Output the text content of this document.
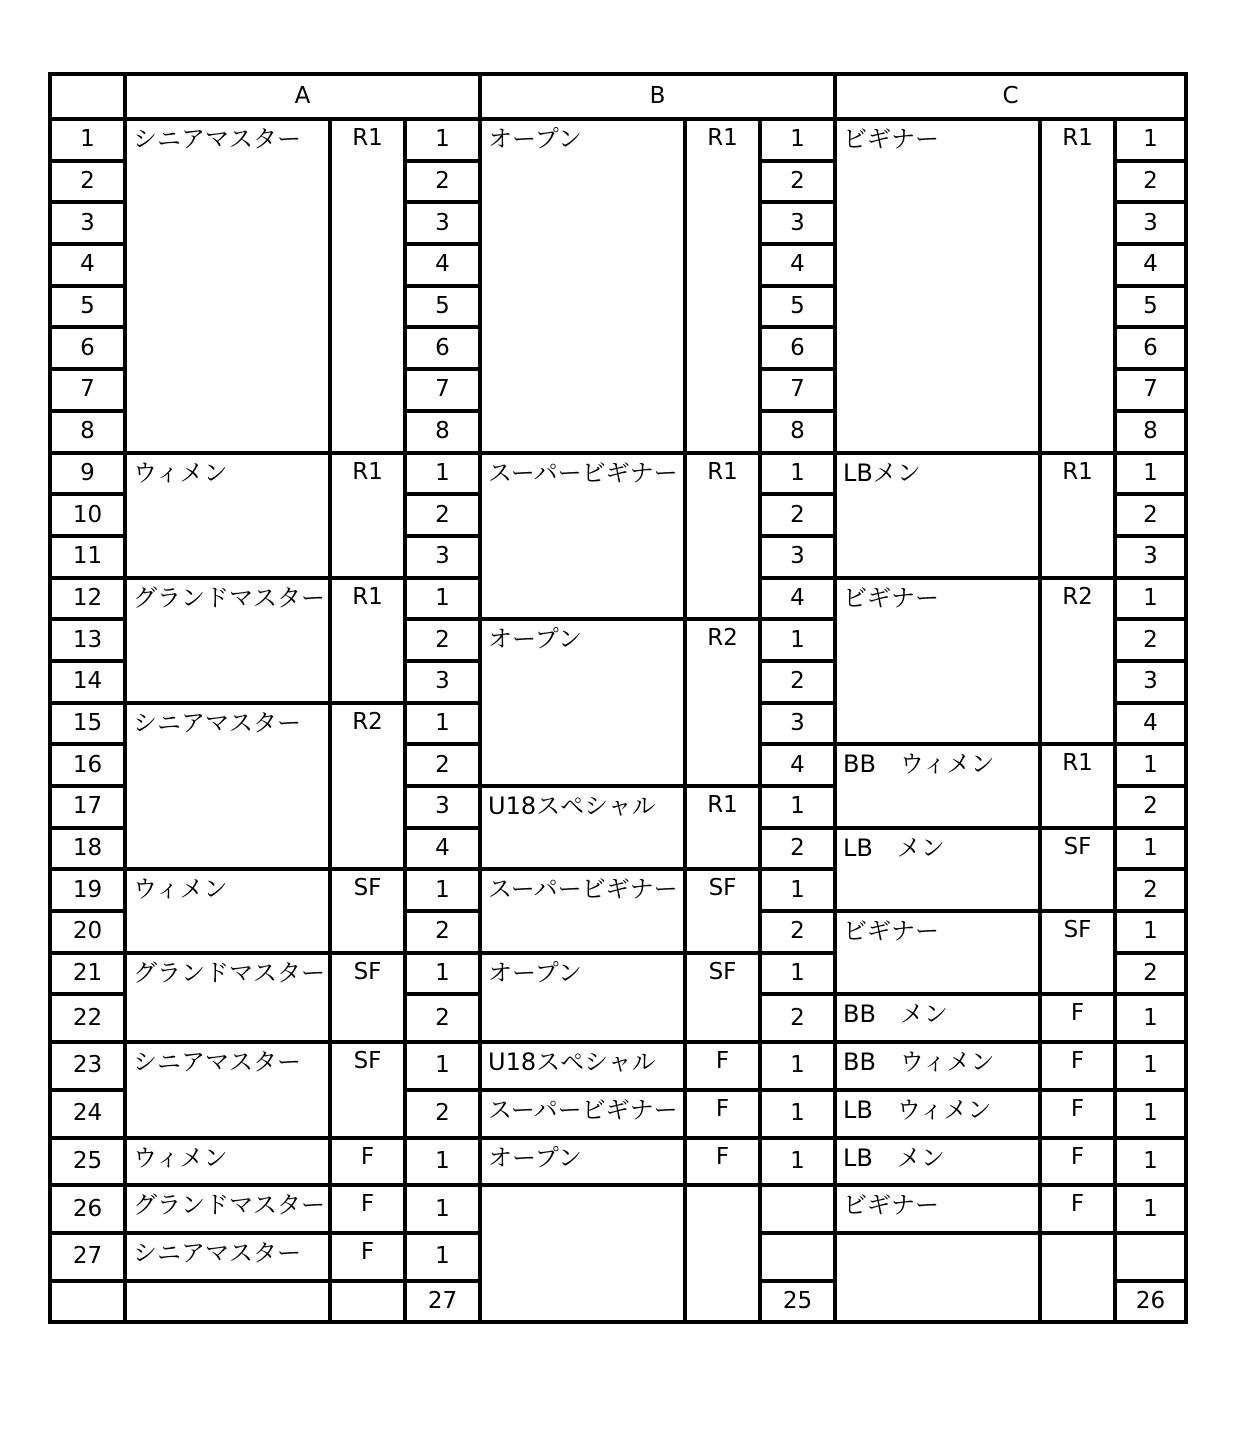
	A			B			C		
1	シニアマスター	R1	1	オープン	R1	1	ビギナー	R1	1
2			2			2			2
3			3			3			3
4			4			4			4
5			5			5			5
6			6			6			6
7			7			7			7
8			8			8			8
9	ウィメン	R1	1	スーパービギナー	R1	1	LBメン	R1	1
10			2			2			2
11			3			3			3
12	グランドマスター	R1	1			4	ビギナー	R2	1
13			2	オープン	R2	1			2
14			3			2			3
15	シニアマスター	R2	1			3			4
16			2			4	BB　ウィメン	R1	1
17			3	U18スペシャル	R1	1			2
18			4			2	LB　メン	SF	1
19	ウィメン	SF	1	スーパービギナー	SF	1			2
20			2			2	ビギナー	SF	1
21	グランドマスター	SF	1	オープン	SF	1			2
22			2			2	BB　メン	F	1
23	シニアマスター	SF	1	U18スペシャル	F	1	BB　ウィメン	F	1
24			2	スーパービギナー	F	1	LB　ウィメン	F	1
25	ウィメン	F	1	オープン	F	1	LB　メン	F	1
26	グランドマスター	F	1				ビギナー	F	1
27	シニアマスター	F	1						
			27			25			26
